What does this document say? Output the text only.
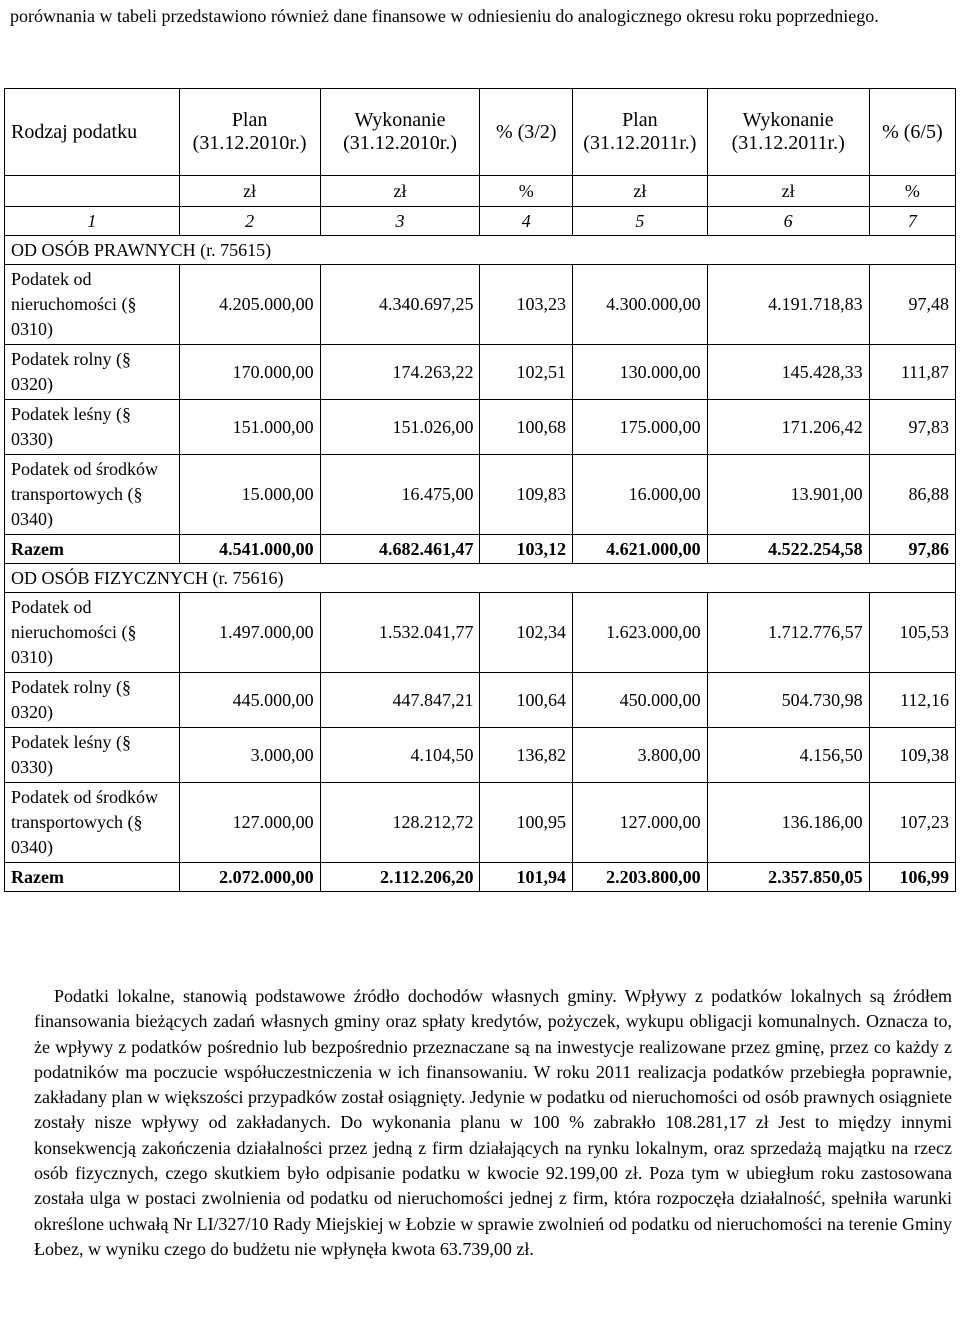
porównania w tabeli przedstawiono również dane finansowe w odniesieniu do analogicznego okresu roku poprzedniego.
Rodzaj podatku	Plan (31.12.2010r.)	Wykonanie (31.12.2010r.)	% (3/2)	Plan (31.12.2011r.)	Wykonanie (31.12.2011r.)	% (6/5)
	zł	zł	%	zł	zł	%
1	2	3	4	5	6	7
OD OSÓB PRAWNYCH (r. 75615)						
Podatek od nieruchomości (§ 0310)	4.205.000,00	4.340.697,25	103,23	4.300.000,00	4.191.718,83	97,48
Podatek rolny (§ 0320)	170.000,00	174.263,22	102,51	130.000,00	145.428,33	111,87
Podatek leśny (§ 0330)	151.000,00	151.026,00	100,68	175.000,00	171.206,42	97,83
Podatek od środków transportowych (§ 0340)	15.000,00	16.475,00	109,83	16.000,00	13.901,00	86,88
Razem	4.541.000,00	4.682.461,47	103,12	4.621.000,00	4.522.254,58	97,86
OD OSÓB FIZYCZNYCH (r. 75616)						
Podatek od nieruchomości (§ 0310)	1.497.000,00	1.532.041,77	102,34	1.623.000,00	1.712.776,57	105,53
Podatek rolny (§ 0320)	445.000,00	447.847,21	100,64	450.000,00	504.730,98	112,16
Podatek leśny (§ 0330)	3.000,00	4.104,50	136,82	3.800,00	4.156,50	109,38
Podatek od środków transportowych (§ 0340)	127.000,00	128.212,72	100,95	127.000,00	136.186,00	107,23
Razem	2.072.000,00	2.112.206,20	101,94	2.203.800,00	2.357.850,05	106,99
Podatki lokalne, stanowią podstawowe źródło dochodów własnych gminy. Wpływy z podatków lokalnych są źródłem finansowania bieżących zadań własnych gminy oraz spłaty kredytów, pożyczek, wykupu obligacji komunalnych. Oznacza to, że wpływy z podatków pośrednio lub bezpośrednio przeznaczane są na inwestycje realizowane przez gminę, przez co każdy z podatników ma poczucie współuczestniczenia w ich finansowaniu. W roku 2011 realizacja podatków przebiegła poprawnie, zakładany plan w większości przypadków został osiągnięty. Jedynie w podatku od nieruchomości od osób prawnych osiągniete zostały nisze wpływy od zakładanych. Do wykonania planu w 100 % zabrakło 108.281,17 zł Jest to między innymi konsekwencją zakończenia działalności przez jedną z firm działających na rynku lokalnym, oraz sprzedażą majątku na rzecz osób fizycznych, czego skutkiem było odpisanie podatku w kwocie 92.199,00 zł. Poza tym w ubiegłum roku zastosowana została ulga w postaci zwolnienia od podatku od nieruchomości jednej z firm, która rozpoczęła działalność, spełniła warunki określone uchwałą Nr LI/327/10 Rady Miejskiej w Łobzie w sprawie zwolnień od podatku od nieruchomości na terenie Gminy Łobez, w wyniku czego do budżetu nie wpłynęła kwota 63.739,00 zł.
